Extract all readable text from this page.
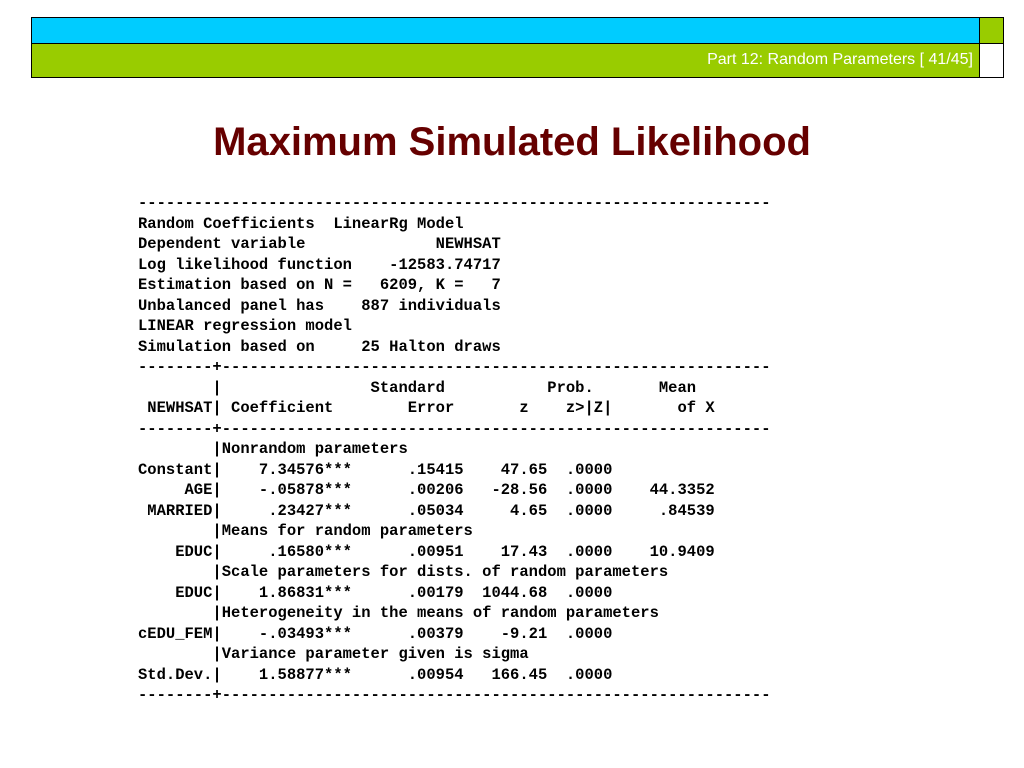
Part 12: Random Parameters [ 41/45]
Maximum Simulated Likelihood
--------------------------------------------------------------------
Random Coefficients  LinearRg Model
Dependent variable              NEWHSAT
Log likelihood function    -12583.74717
Estimation based on N =   6209, K =   7
Unbalanced panel has    887 individuals
LINEAR regression model
Simulation based on     25 Halton draws
--------+-----------------------------------------------------------
|                Standard           Prob.       Mean
NEWHSAT| Coefficient        Error       z    z>|Z|       of X
--------+-----------------------------------------------------------
|Nonrandom parameters
Constant|    7.34576***      .15415    47.65  .0000
AGE|    -.05878***      .00206   -28.56  .0000    44.3352
MARRIED|     .23427***      .05034     4.65  .0000     .84539
|Means for random parameters
EDUC|     .16580***      .00951    17.43  .0000    10.9409
|Scale parameters for dists. of random parameters
EDUC|    1.86831***      .00179  1044.68  .0000
|Heterogeneity in the means of random parameters
cEDU_FEM|    -.03493***      .00379    -9.21  .0000
|Variance parameter given is sigma
Std.Dev.|    1.58877***      .00954   166.45  .0000
--------+-----------------------------------------------------------
